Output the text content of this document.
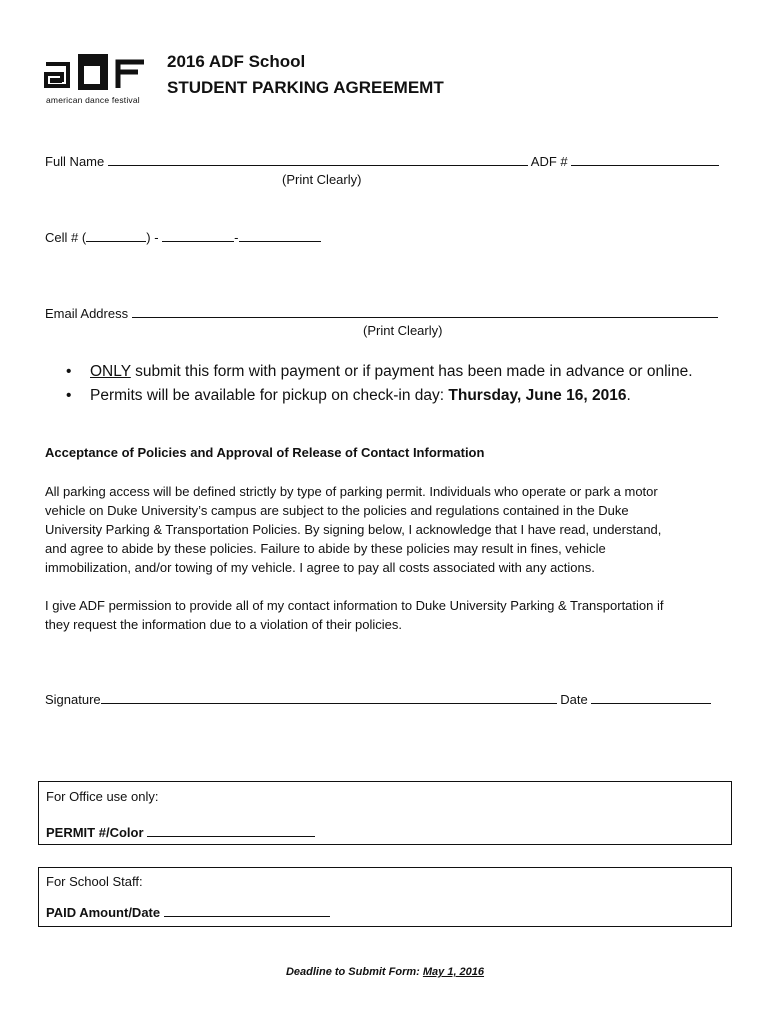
american dance festival
2016 ADF School
STUDENT PARKING AGREEMEMT
Full Name	ADF #
(Print Clearly)
Cell # (	) -	-
Email Address
(Print Clearly)
• ONLY submit this form with payment or if payment has been made in advance or online.
• Permits will be available for pickup on check-in day: Thursday, June 16, 2016.
Acceptance of Policies and Approval of Release of Contact Information
All parking access will be defined strictly by type of parking permit. Individuals who operate or park a motor
vehicle on Duke University’s campus are subject to the policies and regulations contained in the Duke
University Parking & Transportation Policies. By signing below, I acknowledge that I have read, understand,
and agree to abide by these policies. Failure to abide by these policies may result in fines, vehicle
immobilization, and/or towing of my vehicle. I agree to pay all costs associated with any actions.
I give ADF permission to provide all of my contact information to Duke University Parking & Transportation if
they request the information due to a violation of their policies.
Signature	Date
For Office use only:
PERMIT #/Color
For School Staff:
PAID Amount/Date
Deadline to Submit Form: May 1, 2016
